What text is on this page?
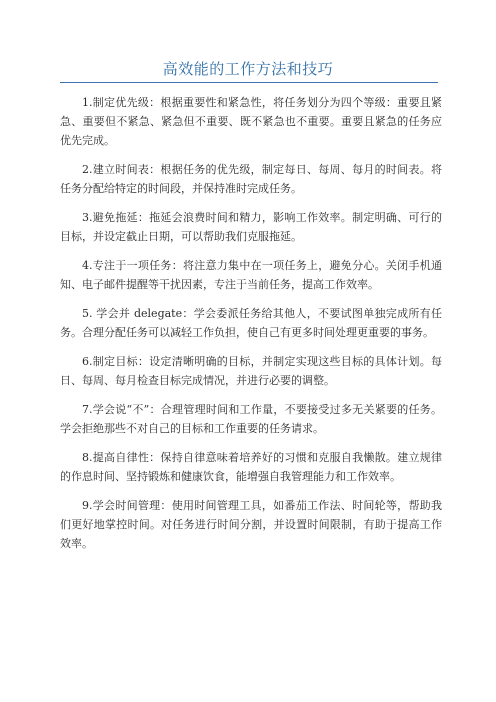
高效能的工作方法和技巧

1.制定优先级：根据重要性和紧急性，将任务划分为四个等级：重要且紧急、重要但不紧急、紧急但不重要、既不紧急也不重要。重要且紧急的任务应优先完成。

2.建立时间表：根据任务的优先级，制定每日、每周、每月的时间表。将任务分配给特定的时间段，并保持准时完成任务。

3.避免拖延：拖延会浪费时间和精力，影响工作效率。制定明确、可行的目标，并设定截止日期，可以帮助我们克服拖延。

4.专注于一项任务：将注意力集中在一项任务上，避免分心。关闭手机通知、电子邮件提醒等干扰因素，专注于当前任务，提高工作效率。

5. 学会并 delegate：学会委派任务给其他人，不要试图单独完成所有任务。合理分配任务可以减轻工作负担，使自己有更多时间处理更重要的事务。

6.制定目标：设定清晰明确的目标，并制定实现这些目标的具体计划。每日、每周、每月检查目标完成情况，并进行必要的调整。

7.学会说“不”：合理管理时间和工作量，不要接受过多无关紧要的任务。学会拒绝那些不对自己的目标和工作重要的任务请求。

8.提高自律性：保持自律意味着培养好的习惯和克服自我懒散。建立规律的作息时间、坚持锻炼和健康饮食，能增强自我管理能力和工作效率。

9.学会时间管理：使用时间管理工具，如番茄工作法、时间轮等，帮助我们更好地掌控时间。对任务进行时间分割，并设置时间限制，有助于提高工作效率。
